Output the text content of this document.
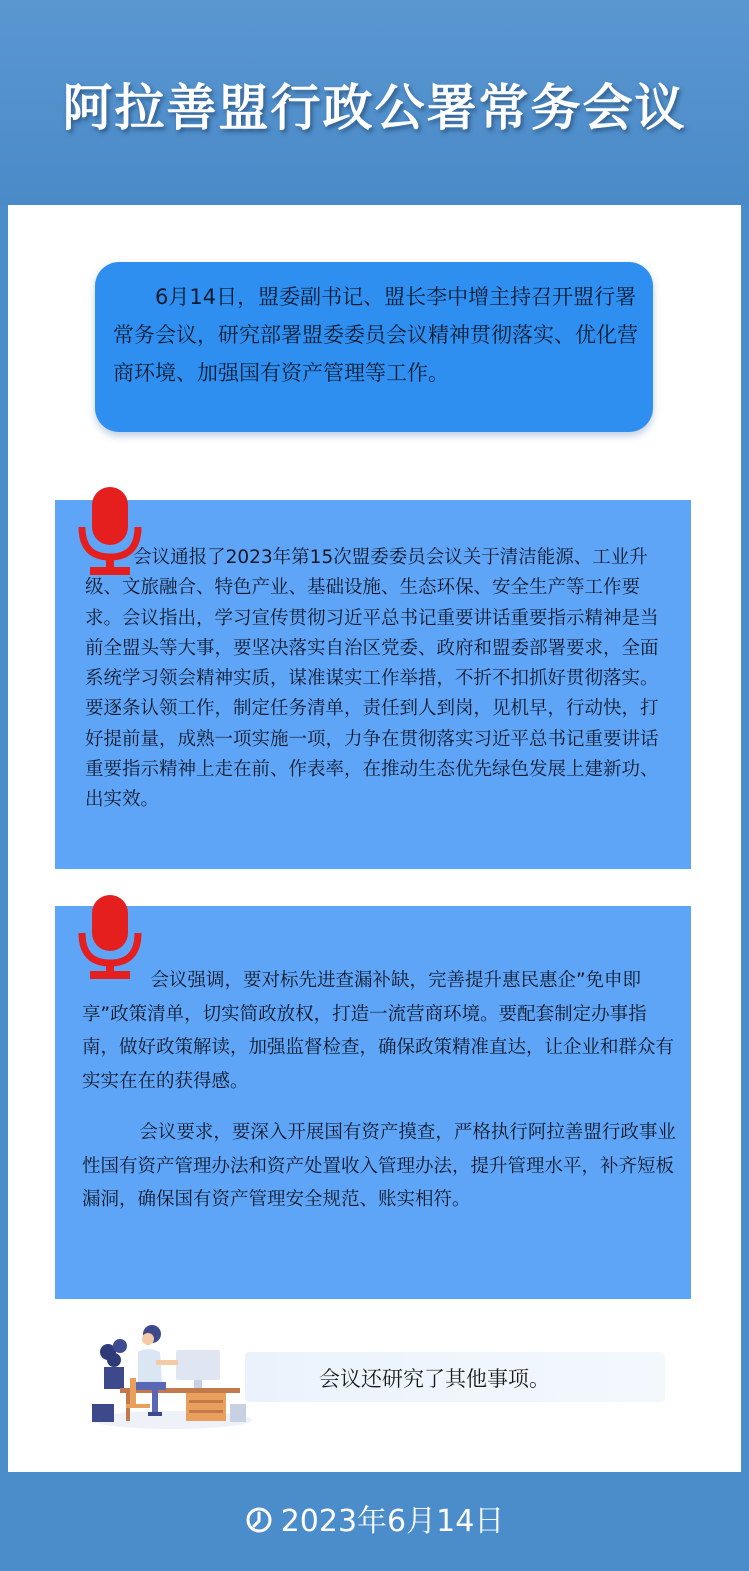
阿拉善盟行政公署常务会议
6月14日，盟委副书记、盟长李中增主持召开盟行署常务会议，研究部署盟委委员会议精神贯彻落实、优化营商环境、加强国有资产管理等工作。
会议通报了2023年第15次盟委委员会议关于清洁能源、工业升级、文旅融合、特色产业、基础设施、生态环保、安全生产等工作要求。会议指出，学习宣传贯彻习近平总书记重要讲话重要指示精神是当前全盟头等大事，要坚决落实自治区党委、政府和盟委部署要求，全面系统学习领会精神实质，谋准谋实工作举措，不折不扣抓好贯彻落实。要逐条认领工作，制定任务清单，责任到人到岗，见机早，行动快，打好提前量，成熟一项实施一项，力争在贯彻落实习近平总书记重要讲话重要指示精神上走在前、作表率，在推动生态优先绿色发展上建新功、出实效。
会议强调，要对标先进查漏补缺，完善提升惠民惠企”免申即享”政策清单，切实简政放权，打造一流营商环境。要配套制定办事指南，做好政策解读，加强监督检查，确保政策精准直达，让企业和群众有实实在在的获得感。
会议要求，要深入开展国有资产摸查，严格执行阿拉善盟行政事业性国有资产管理办法和资产处置收入管理办法，提升管理水平，补齐短板漏洞，确保国有资产管理安全规范、账实相符。
会议还研究了其他事项。
2023年6月14日
